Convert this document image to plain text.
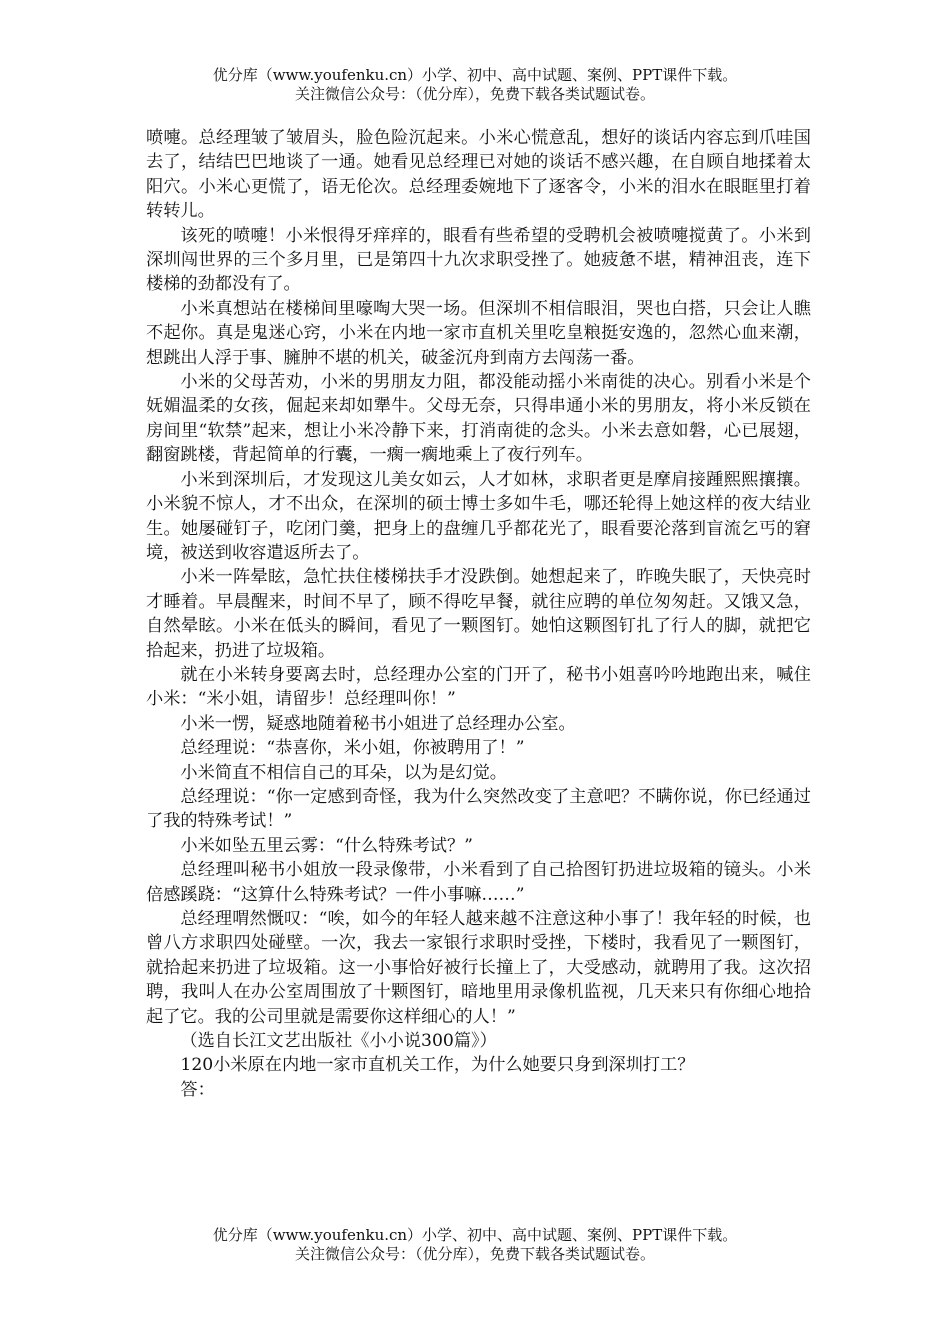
优分库（www.youfenku.cn）小学、初中、高中试题、案例、PPT课件下载。
关注微信公众号：（优分库），免费下载各类试题试卷。

喷嚏。总经理皱了皱眉头，脸色险沉起来。小米心慌意乱，想好的谈话内容忘到爪哇国去了，结结巴巴地谈了一通。她看见总经理已对她的谈话不感兴趣，在自顾自地揉着太阳穴。小米心更慌了，语无伦次。总经理委婉地下了逐客令，小米的泪水在眼眶里打着转转儿。

该死的喷嚏！小米恨得牙痒痒的，眼看有些希望的受聘机会被喷嚏搅黄了。小米到深圳闯世界的三个多月里，已是第四十九次求职受挫了。她疲惫不堪，精神沮丧，连下楼梯的劲都没有了。

小米真想站在楼梯间里嚎啕大哭一场。但深圳不相信眼泪，哭也白搭，只会让人瞧不起你。真是鬼迷心窍，小米在内地一家市直机关里吃皇粮挺安逸的，忽然心血来潮，想跳出人浮于事、臃肿不堪的机关，破釜沉舟到南方去闯荡一番。

小米的父母苦劝，小米的男朋友力阻，都没能动摇小米南徙的决心。别看小米是个妩媚温柔的女孩，倔起来却如犟牛。父母无奈，只得串通小米的男朋友，将小米反锁在房间里“软禁”起来，想让小米冷静下来，打消南徙的念头。小米去意如磐，心已展翅，翻窗跳楼，背起简单的行囊，一瘸一瘸地乘上了夜行列车。

小米到深圳后，才发现这儿美女如云，人才如林，求职者更是摩肩接踵熙熙攘攘。小米貌不惊人，才不出众，在深圳的硕士博士多如牛毛，哪还轮得上她这样的夜大结业生。她屡碰钉子，吃闭门羹，把身上的盘缠几乎都花光了，眼看要沦落到盲流乞丐的窘境，被送到收容遣返所去了。

小米一阵晕眩，急忙扶住楼梯扶手才没跌倒。她想起来了，昨晚失眠了，天快亮时才睡着。早晨醒来，时间不早了，顾不得吃早餐，就往应聘的单位匆匆赶。又饿又急，自然晕眩。小米在低头的瞬间，看见了一颗图钉。她怕这颗图钉扎了行人的脚，就把它拾起来，扔进了垃圾箱。

就在小米转身要离去时，总经理办公室的门开了，秘书小姐喜吟吟地跑出来，喊住小米：“米小姐，请留步！总经理叫你！”

小米一愣，疑惑地随着秘书小姐进了总经理办公室。

总经理说：“恭喜你，米小姐，你被聘用了！”

小米简直不相信自己的耳朵，以为是幻觉。

总经理说：“你一定感到奇怪，我为什么突然改变了主意吧？不瞒你说，你已经通过了我的特殊考试！”

小米如坠五里云雾：“什么特殊考试？”

总经理叫秘书小姐放一段录像带，小米看到了自己拾图钉扔进垃圾箱的镜头。小米倍感蹊跷：“这算什么特殊考试？一件小事嘛……”

总经理喟然慨叹：“唉，如今的年轻人越来越不注意这种小事了！我年轻的时候，也曾八方求职四处碰壁。一次，我去一家银行求职时受挫，下楼时，我看见了一颗图钉，就拾起来扔进了垃圾箱。这一小事恰好被行长撞上了，大受感动，就聘用了我。这次招聘，我叫人在办公室周围放了十颗图钉，暗地里用录像机监视，几天来只有你细心地拾起了它。我的公司里就是需要你这样细心的人！”

（选自长江文艺出版社《小小说300篇》）

120小米原在内地一家市直机关工作，为什么她要只身到深圳打工？

答：

优分库（www.youfenku.cn）小学、初中、高中试题、案例、PPT课件下载。
关注微信公众号：（优分库），免费下载各类试题试卷。
